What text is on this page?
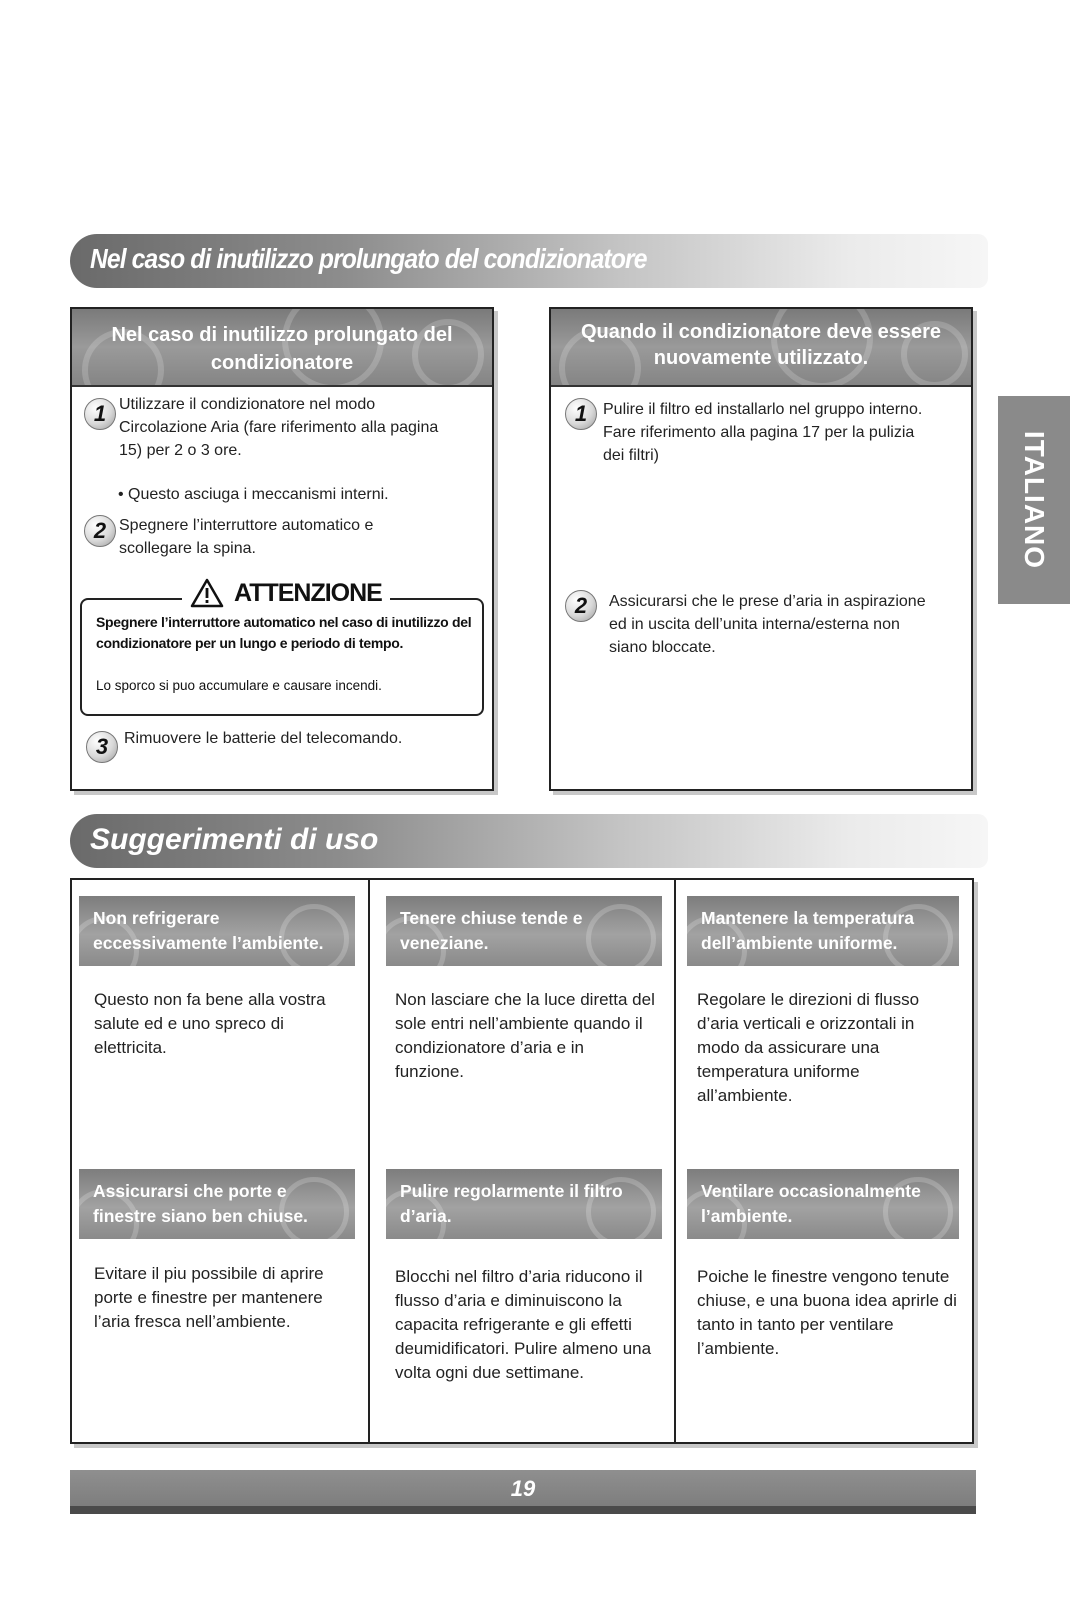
Nel caso di inutilizzo prolungato del condizionatore
Nel caso di inutilizzo prolungato del
condizionatore
1 Utilizzare il condizionatore nel modo
Circolazione Aria (fare riferimento alla pagina
15) per 2 o 3 ore.
• Questo asciuga i meccanismi interni.
2 Spegnere l’interruttore automatico e
scollegare la spina.
ATTENZIONE
Spegnere l’interruttore automatico nel caso di inutilizzo del condizionatore per un lungo e periodo di tempo.
Lo sporco si puo accumulare e causare incendi.
3 Rimuovere le batterie del telecomando.
Quando il condizionatore deve essere
nuovamente utilizzato.
1 Pulire il filtro ed installarlo nel gruppo interno.
Fare riferimento alla pagina 17 per la pulizia
dei filtri)
2	Assicurarsi che le prese d’aria in aspirazione
ed in uscita dell’unita interna/esterna non
siano bloccate.
Suggerimenti di uso
Non refrigerare
eccessivamente l’ambiente.
Questo non fa bene alla vostra salute ed e uno spreco di elettricita.
Tenere chiuse tende e
veneziane.
Non lasciare che la luce diretta del sole entri nell’ambiente quando il condizionatore d’aria e in funzione.
Mantenere la temperatura
dell’ambiente uniforme.
Regolare le direzioni di flusso d’aria verticali e orizzontali in modo da assicurare una temperatura uniforme all’ambiente.
Assicurarsi che porte e
finestre siano ben chiuse.
Evitare il piu possibile di aprire porte e finestre per mantenere l’aria fresca nell’ambiente.
Pulire regolarmente il filtro
d’aria.
Blocchi nel filtro d’aria riducono il flusso d’aria e diminuiscono la capacita refrigerante e gli effetti deumidificatori. Pulire almeno una volta ogni due settimane.
Ventilare occasionalmente
l’ambiente.
Poiche le finestre vengono tenute chiuse, e una buona idea aprirle di tanto in tanto per ventilare l’ambiente.
ITALIANO
19
